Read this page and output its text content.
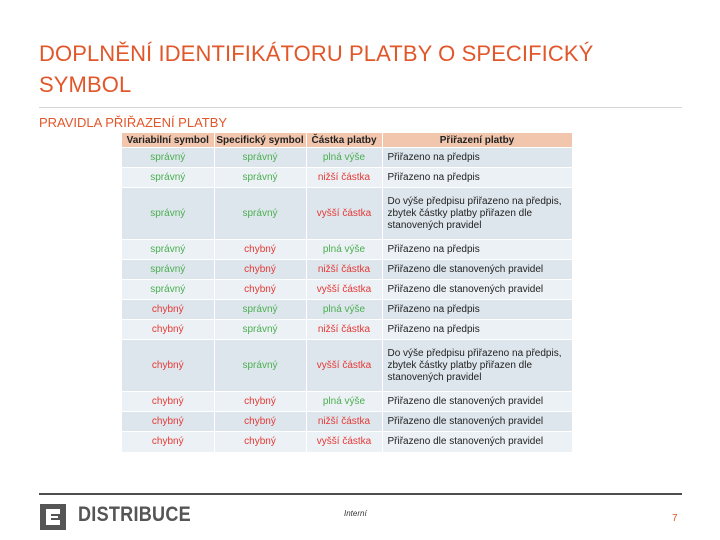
DOPLNĚNÍ IDENTIFIKÁTORU PLATBY O SPECIFICKÝ SYMBOL
PRAVIDLA PŘIŘAZENÍ PLATBY
Variabilní symbol	Specifický symbol	Částka platby	Přiřazení platby
správný	správný	plná výše	Přiřazeno na předpis
správný	správný	nižší částka	Přiřazeno na předpis
správný	správný	vyšší částka	Do výše předpisu přiřazeno na předpis, zbytek částky platby přiřazen dle stanovených pravidel
správný	chybný	plná výše	Přiřazeno na předpis
správný	chybný	nižší částka	Přiřazeno dle stanovených pravidel
správný	chybný	vyšší částka	Přiřazeno dle stanovených pravidel
chybný	správný	plná výše	Přiřazeno na předpis
chybný	správný	nižší částka	Přiřazeno na předpis
chybný	správný	vyšší částka	Do výše předpisu přiřazeno na předpis, zbytek částky platby přiřazen dle stanovených pravidel
chybný	chybný	plná výše	Přiřazeno dle stanovených pravidel
chybný	chybný	nižší částka	Přiřazeno dle stanovených pravidel
chybný	chybný	vyšší částka	Přiřazeno dle stanovených pravidel
DISTRIBUCE	Interní	7
